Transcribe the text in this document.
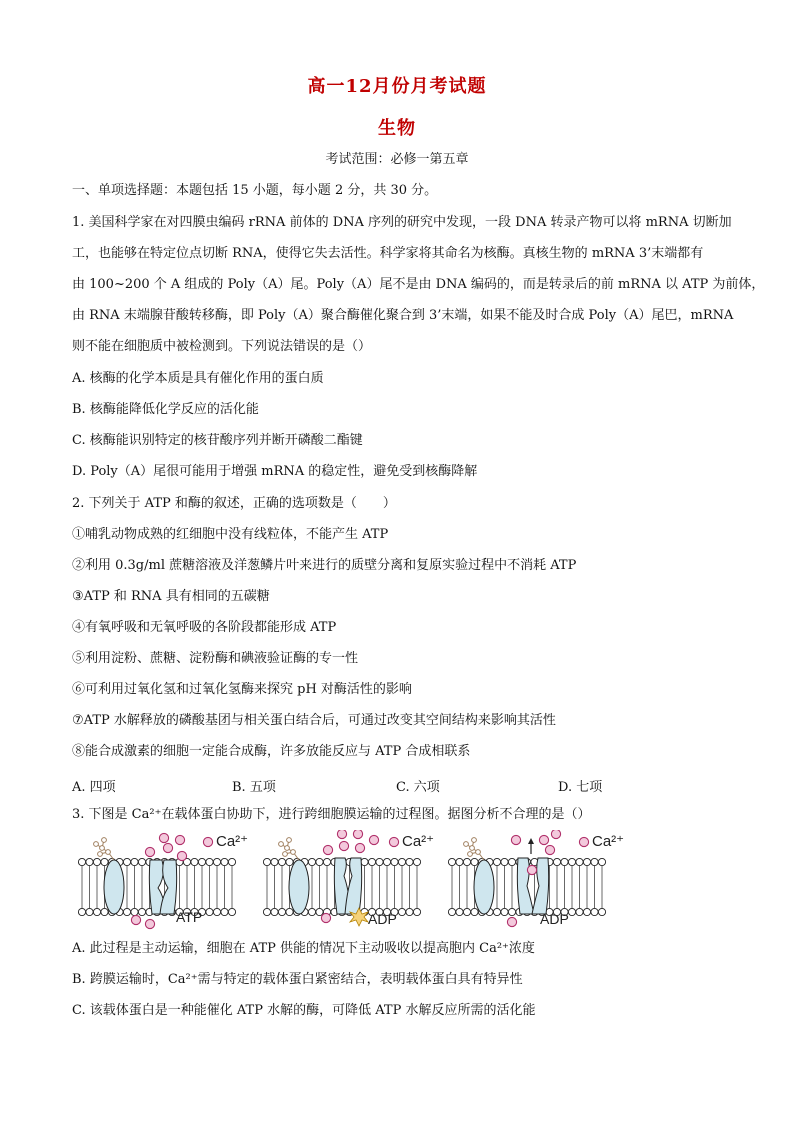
高一12月份月考试题
生物
考试范围：必修一第五章
一、单项选择题：本题包括 15 小题，每小题 2 分，共 30 分。
1. 美国科学家在对四膜虫编码 rRNA 前体的 DNA 序列的研究中发现，一段 DNA 转录产物可以将 mRNA 切断加
工，也能够在特定位点切断 RNA，使得它失去活性。科学家将其命名为核酶。真核生物的 mRNA 3’末端都有
由 100~200 个 A 组成的 Poly（A）尾。Poly（A）尾不是由 DNA 编码的，而是转录后的前 mRNA 以 ATP 为前体，
由 RNA 末端腺苷酸转移酶，即 Poly（A）聚合酶催化聚合到 3’末端，如果不能及时合成 Poly（A）尾巴，mRNA
则不能在细胞质中被检测到。下列说法错误的是（）
A. 核酶的化学本质是具有催化作用的蛋白质
B. 核酶能降低化学反应的活化能
C. 核酶能识别特定的核苷酸序列并断开磷酸二酯键
D. Poly（A）尾很可能用于增强 mRNA 的稳定性，避免受到核酶降解
2. 下列关于 ATP 和酶的叙述，正确的选项数是（　　）
①哺乳动物成熟的红细胞中没有线粒体，不能产生 ATP
②利用 0.3g/ml 蔗糖溶液及洋葱鳞片叶来进行的质壁分离和复原实验过程中不消耗 ATP
③ATP 和 RNA 具有相同的五碳糖
④有氧呼吸和无氧呼吸的各阶段都能形成 ATP
⑤利用淀粉、蔗糖、淀粉酶和碘液验证酶的专一性
⑥可利用过氧化氢和过氧化氢酶来探究 pH 对酶活性的影响
⑦ATP 水解释放的磷酸基团与相关蛋白结合后，可通过改变其空间结构来影响其活性
⑧能合成激素的细胞一定能合成酶，许多放能反应与 ATP 合成相联系
A. 四项	B. 五项	C. 六项	D. 七项
3. 下图是 Ca²⁺在载体蛋白协助下，进行跨细胞膜运输的过程图。据图分析不合理的是（）
Ca²⁺
ATP
Ca²⁺
ADP
Ca²⁺
ADP
A. 此过程是主动运输，细胞在 ATP 供能的情况下主动吸收以提高胞内 Ca²⁺浓度
B. 跨膜运输时，Ca²⁺需与特定的载体蛋白紧密结合，表明载体蛋白具有特异性
C. 该载体蛋白是一种能催化 ATP 水解的酶，可降低 ATP 水解反应所需的活化能
